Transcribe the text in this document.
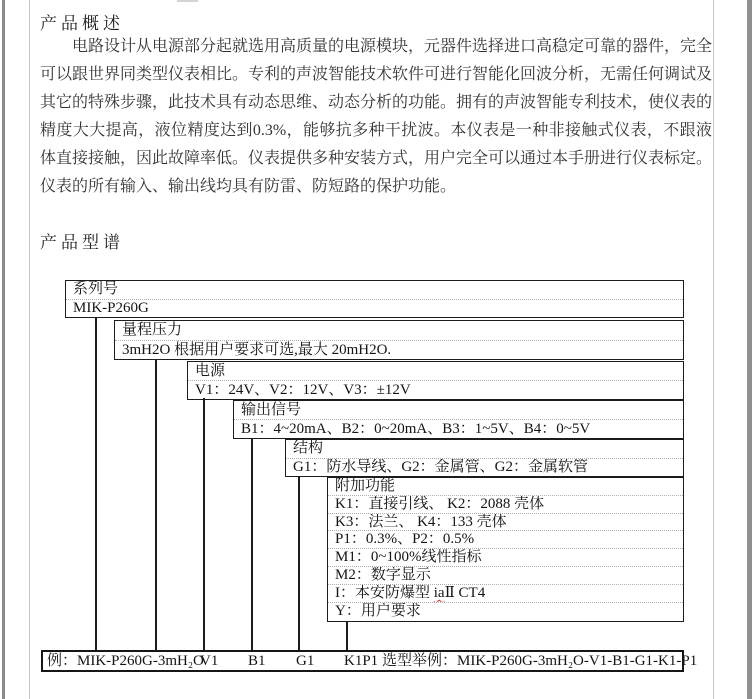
产品概述

电路设计从电源部分起就选用高质量的电源模块，元器件选择进口高稳定可靠的器件，完全可以跟世界同类型仪表相比。专利的声波智能技术软件可进行智能化回波分析，无需任何调试及其它的特殊步骤，此技术具有动态思维、动态分析的功能。拥有的声波智能专利技术，使仪表的精度大大提高，液位精度达到0.3%，能够抗多种干扰波。本仪表是一种非接触式仪表，不跟液体直接接触，因此故障率低。仪表提供多种安装方式，用户完全可以通过本手册进行仪表标定。仪表的所有输入、输出线均具有防雷、防短路的保护功能。

产品型谱
系列号
MIK-P260G
量程压力
3mH2O 根据用户要求可选,最大 20mH2O.
电源
V1：24V、V2：12V、V3：±12V
输出信号
B1：4~20mA、B2：0~20mA、B3：1~5V、B4：0~5V
结构
G1：防水导线、G2：金属管、G2：金属软管
附加功能
K1：直接引线、 K2：2088 壳体
K3：法兰、 K4：133 壳体
P1：0.3%、P2：0.5%
M1：0~100%线性指标
M2：数字显示
I：本安防爆型 iaⅡ CT4
Y：用户要求
例：MIK-P260G-3mH₂O
V1 B1 G1 K1P1 选型举例：MIK-P260G-3mH₂O-V1-B1-G1-K1-P1
